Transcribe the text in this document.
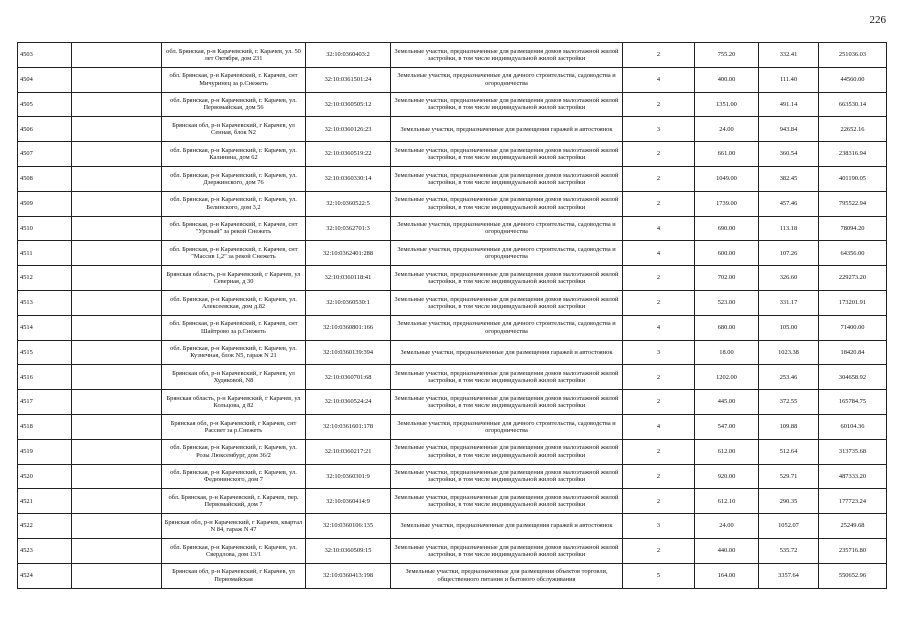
226
4503		обл. Брянская, р-н Карачевский, г. Карачев, ул. 50 лет Октября, дом 231	32:10:0360403:2	Земельные участки, предназначенные для размещения домов малоэтажной жилой застройки, в том числе индивидуальной жилой застройки	2	755.20	332.41	251036.03
4504		обл. Брянская, р-н Карачевский, г. Карачев, снт Мичуринец за р.Снежеть	32:10:0361501:24	Земельные участки, предназначенные для дачного строительства, садоводства и огородничества	4	400.00	111.40	44560.00
4505		обл. Брянская, р-н Карачевский, г. Карачев, ул. Первомайская, дом 56	32:10:0360505:12	Земельные участки, предназначенные для размещения домов малоэтажной жилой застройки, в том числе индивидуальной жилой застройки	2	1351.00	491.14	663530.14
4506		Брянская обл, р-н Карачевский, г Карачев, ул Сенная, блок N2	32:10:0360126:23	Земельные участки, предназначенные для размещения гаражей и автостоянок	3	24.00	943.84	22652.16
4507		обл. Брянская, р-н Карачевский, г. Карачев, ул. Калинина, дом 62	32:10:0360519:22	Земельные участки, предназначенные для размещения домов малоэтажной жилой застройки, в том числе индивидуальной жилой застройки	2	661.00	360.54	238316.94
4508		обл. Брянская, р-н Карачевский, г. Карачев, ул. Дзержинского, дом 76	32:10:0360330:14	Земельные участки, предназначенные для размещения домов малоэтажной жилой застройки, в том числе индивидуальной жилой застройки	2	1049.00	382.45	401190.05
4509		обл. Брянская, р-н Карачевский, г. Карачев, ул. Белинского, дом 3,2	32:10:0360522:5	Земельные участки, предназначенные для размещения домов малоэтажной жилой застройки, в том числе индивидуальной жилой застройки	2	1739.00	457.46	795522.94
4510		обл. Брянская, р-н Карачевский, г. Карачев, снт "Урсный" за рекой Снежеть	32:10:0362701:3	Земельные участки, предназначенные для дачного строительства, садоводства и огородничества	4	690.00	113.18	78094.20
4511		обл. Брянская, р-н Карачевский, г. Карачев, снт "Массив 1,2" за рекой Снежеть	32:10:0362401:288	Земельные участки, предназначенные для дачного строительства, садоводства и огородничества	4	600.00	107.26	64356.00
4512		Брянская область, р-н Карачевский, г Карачев, ул Северная, д 30	32:10:0360118:41	Земельные участки, предназначенные для размещения домов малоэтажной жилой застройки, в том числе индивидуальной жилой застройки	2	702.00	326.60	229273.20
4513		обл. Брянская, р-н Карачевский, г. Карачев, ул. Алексеевская, дом д.82	32:10:0360530:1	Земельные участки, предназначенные для размещения домов малоэтажной жилой застройки, в том числе индивидуальной жилой застройки	2	523.00	331.17	173201.91
4514		обл. Брянская, р-н Карачевский, г. Карачев, снт Шайтрово за р.Снежеть	32:10:0360801:166	Земельные участки, предназначенные для дачного строительства, садоводства и огородничества	4	680.00	105.00	71400.00
4515		обл. Брянская, р-н Карачевский, г. Карачев, ул. Кузнечная, блок N5, гараж N 21	32:10:0360139:394	Земельные участки, предназначенные для размещения гаражей и автостоянок	3	18.00	1023.38	18420.84
4516		Брянская обл, р-н Карачевский, г Карачев, ул Худяковой, N8	32:10:0360701:68	Земельные участки, предназначенные для размещения домов малоэтажной жилой застройки, в том числе индивидуальной жилой застройки	2	1202.00	253.46	304658.92
4517		Брянская область, р-н Карачевский, г Карачев, ул Кольцова, д 82	32:10:0360524:24	Земельные участки, предназначенные для размещения домов малоэтажной жилой застройки, в том числе индивидуальной жилой застройки	2	445.00	372.55	165784.75
4518		Брянская обл, р-н Карачевский, г Карачев, снт Рассвет за р.Снежеть	32:10:0361601:178	Земельные участки, предназначенные для дачного строительства, садоводства и огородничества	4	547.00	109.88	60104.36
4519		обл. Брянская, р-н Карачевский, г. Карачев, ул. Розы Люксембург, дом 36/2	32:10:0360217:21	Земельные участки, предназначенные для размещения домов малоэтажной жилой застройки, в том числе индивидуальной жилой застройки	2	612.00	512.64	313735.68
4520		обл. Брянская, р-н Карачевский, г. Карачев, ул. Федюнинского, дом 7	32:10:0360301:9	Земельные участки, предназначенные для размещения домов малоэтажной жилой застройки, в том числе индивидуальной жилой застройки	2	920.00	529.71	487333.20
4521		обл. Брянская, р-н Карачевский, г. Карачев, пер. Первомайский, дом 7	32:10:0360414:9	Земельные участки, предназначенные для размещения домов малоэтажной жилой застройки, в том числе индивидуальной жилой застройки	2	612.10	290.35	177723.24
4522		Брянская обл, р-н Карачевский, г Карачев, квартал N 84, гараж N 47	32:10:0360106:135	Земельные участки, предназначенные для размещения гаражей и автостоянок	3	24.00	1052.07	25249.68
4523		обл. Брянская, р-н Карачевский, г. Карачев, ул. Свердлова, дом 13/1	32:10:0360509:15	Земельные участки, предназначенные для размещения домов малоэтажной жилой застройки, в том числе индивидуальной жилой застройки	2	440.00	535.72	235716.80
4524		Брянская обл, р-н Карачевский, г Карачев, ул Первомайская	32:10:0360413:198	Земельные участки, предназначенные для размещения объектов торговли, общественного питания и бытового обслуживания	5	164.00	3357.64	550652.96
